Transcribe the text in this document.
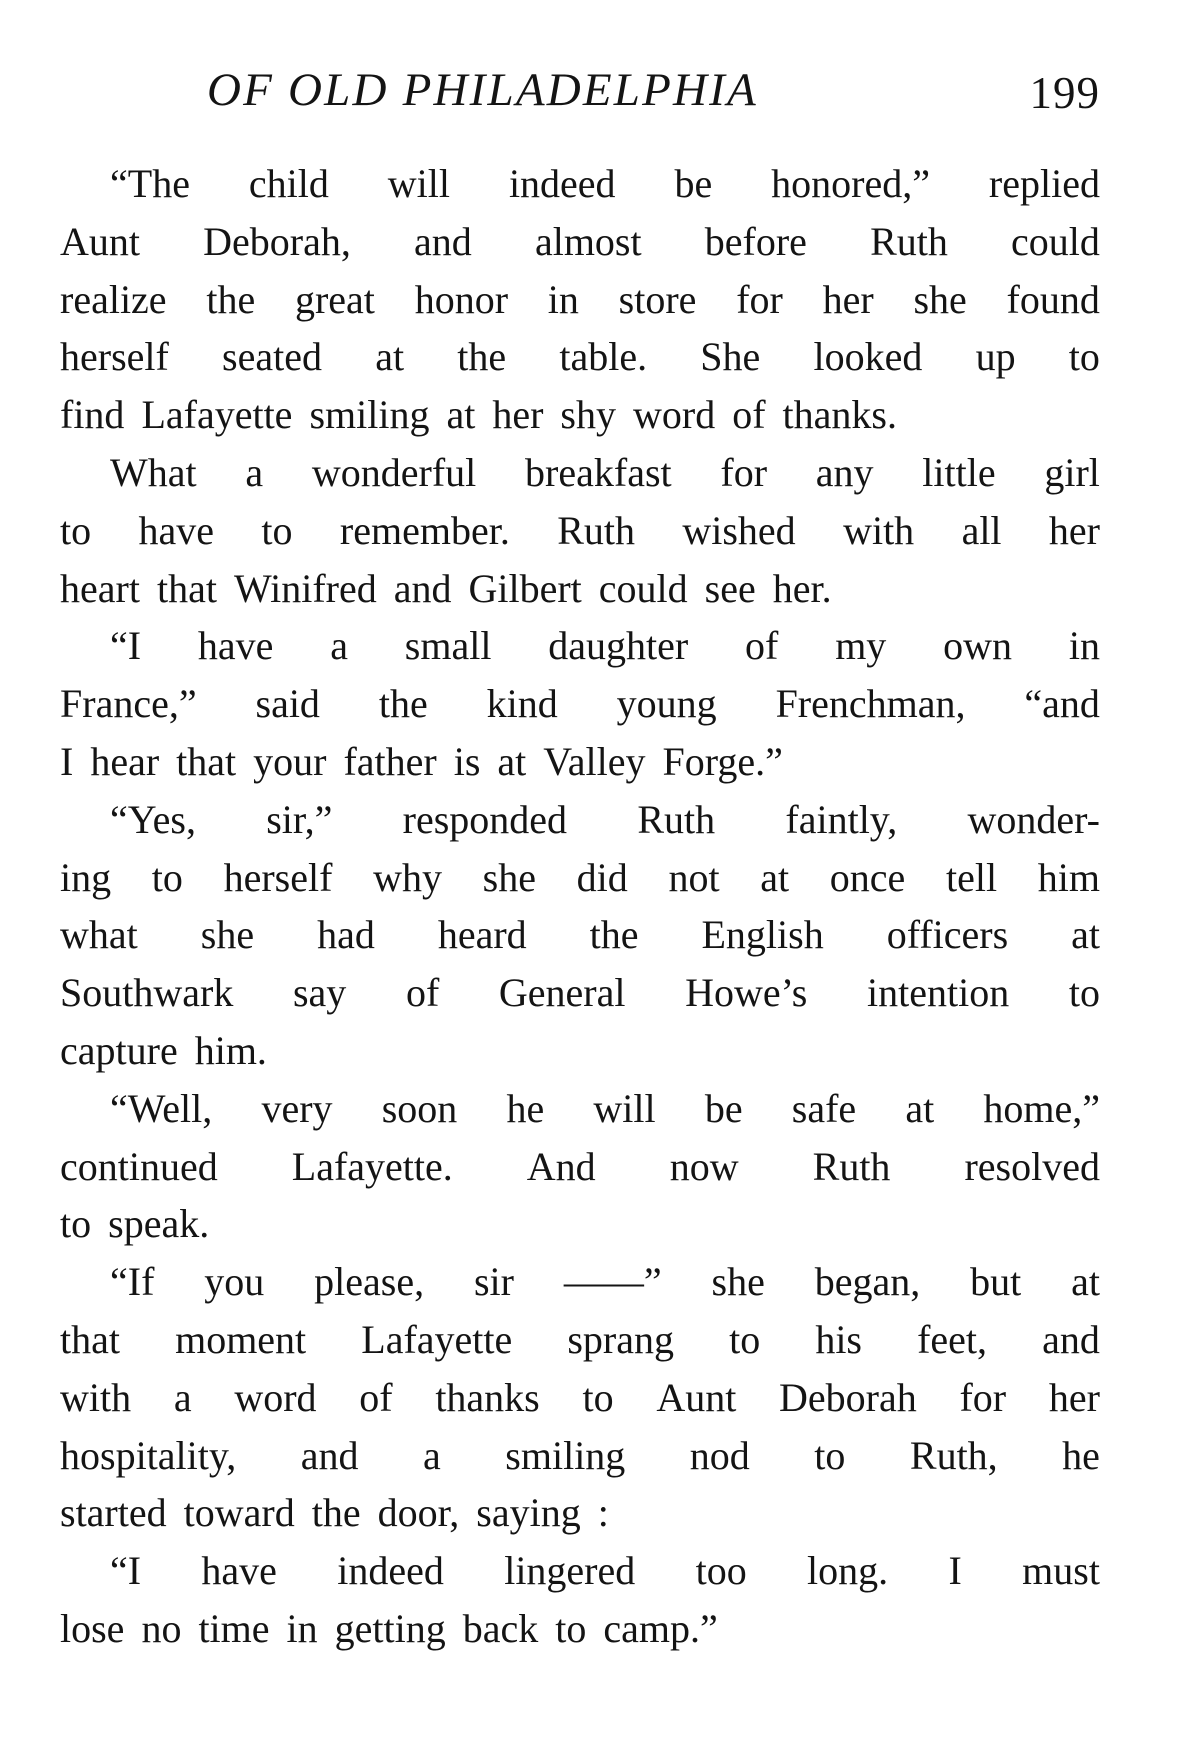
OF OLD PHILADELPHIA	199
“The child will indeed be honored,” replied
Aunt Deborah, and almost before Ruth could
realize the great honor in store for her she found
herself seated at the table. She looked up to
find Lafayette smiling at her shy word of thanks.
What a wonderful breakfast for any little girl
to have to remember. Ruth wished with all her
heart that Winifred and Gilbert could see her.
“I have a small daughter of my own in
France,” said the kind young Frenchman, “and
I hear that your father is at Valley Forge.”
“Yes, sir,” responded Ruth faintly, wonder-
ing to herself why she did not at once tell him
what she had heard the English officers at
Southwark say of General Howe’s intention to
capture him.
“Well, very soon he will be safe at home,”
continued Lafayette. And now Ruth resolved
to speak.
“If you please, sir ——” she began, but at
that moment Lafayette sprang to his feet, and
with a word of thanks to Aunt Deborah for her
hospitality, and a smiling nod to Ruth, he
started toward the door, saying :
“I have indeed lingered too long. I must
lose no time in getting back to camp.”
